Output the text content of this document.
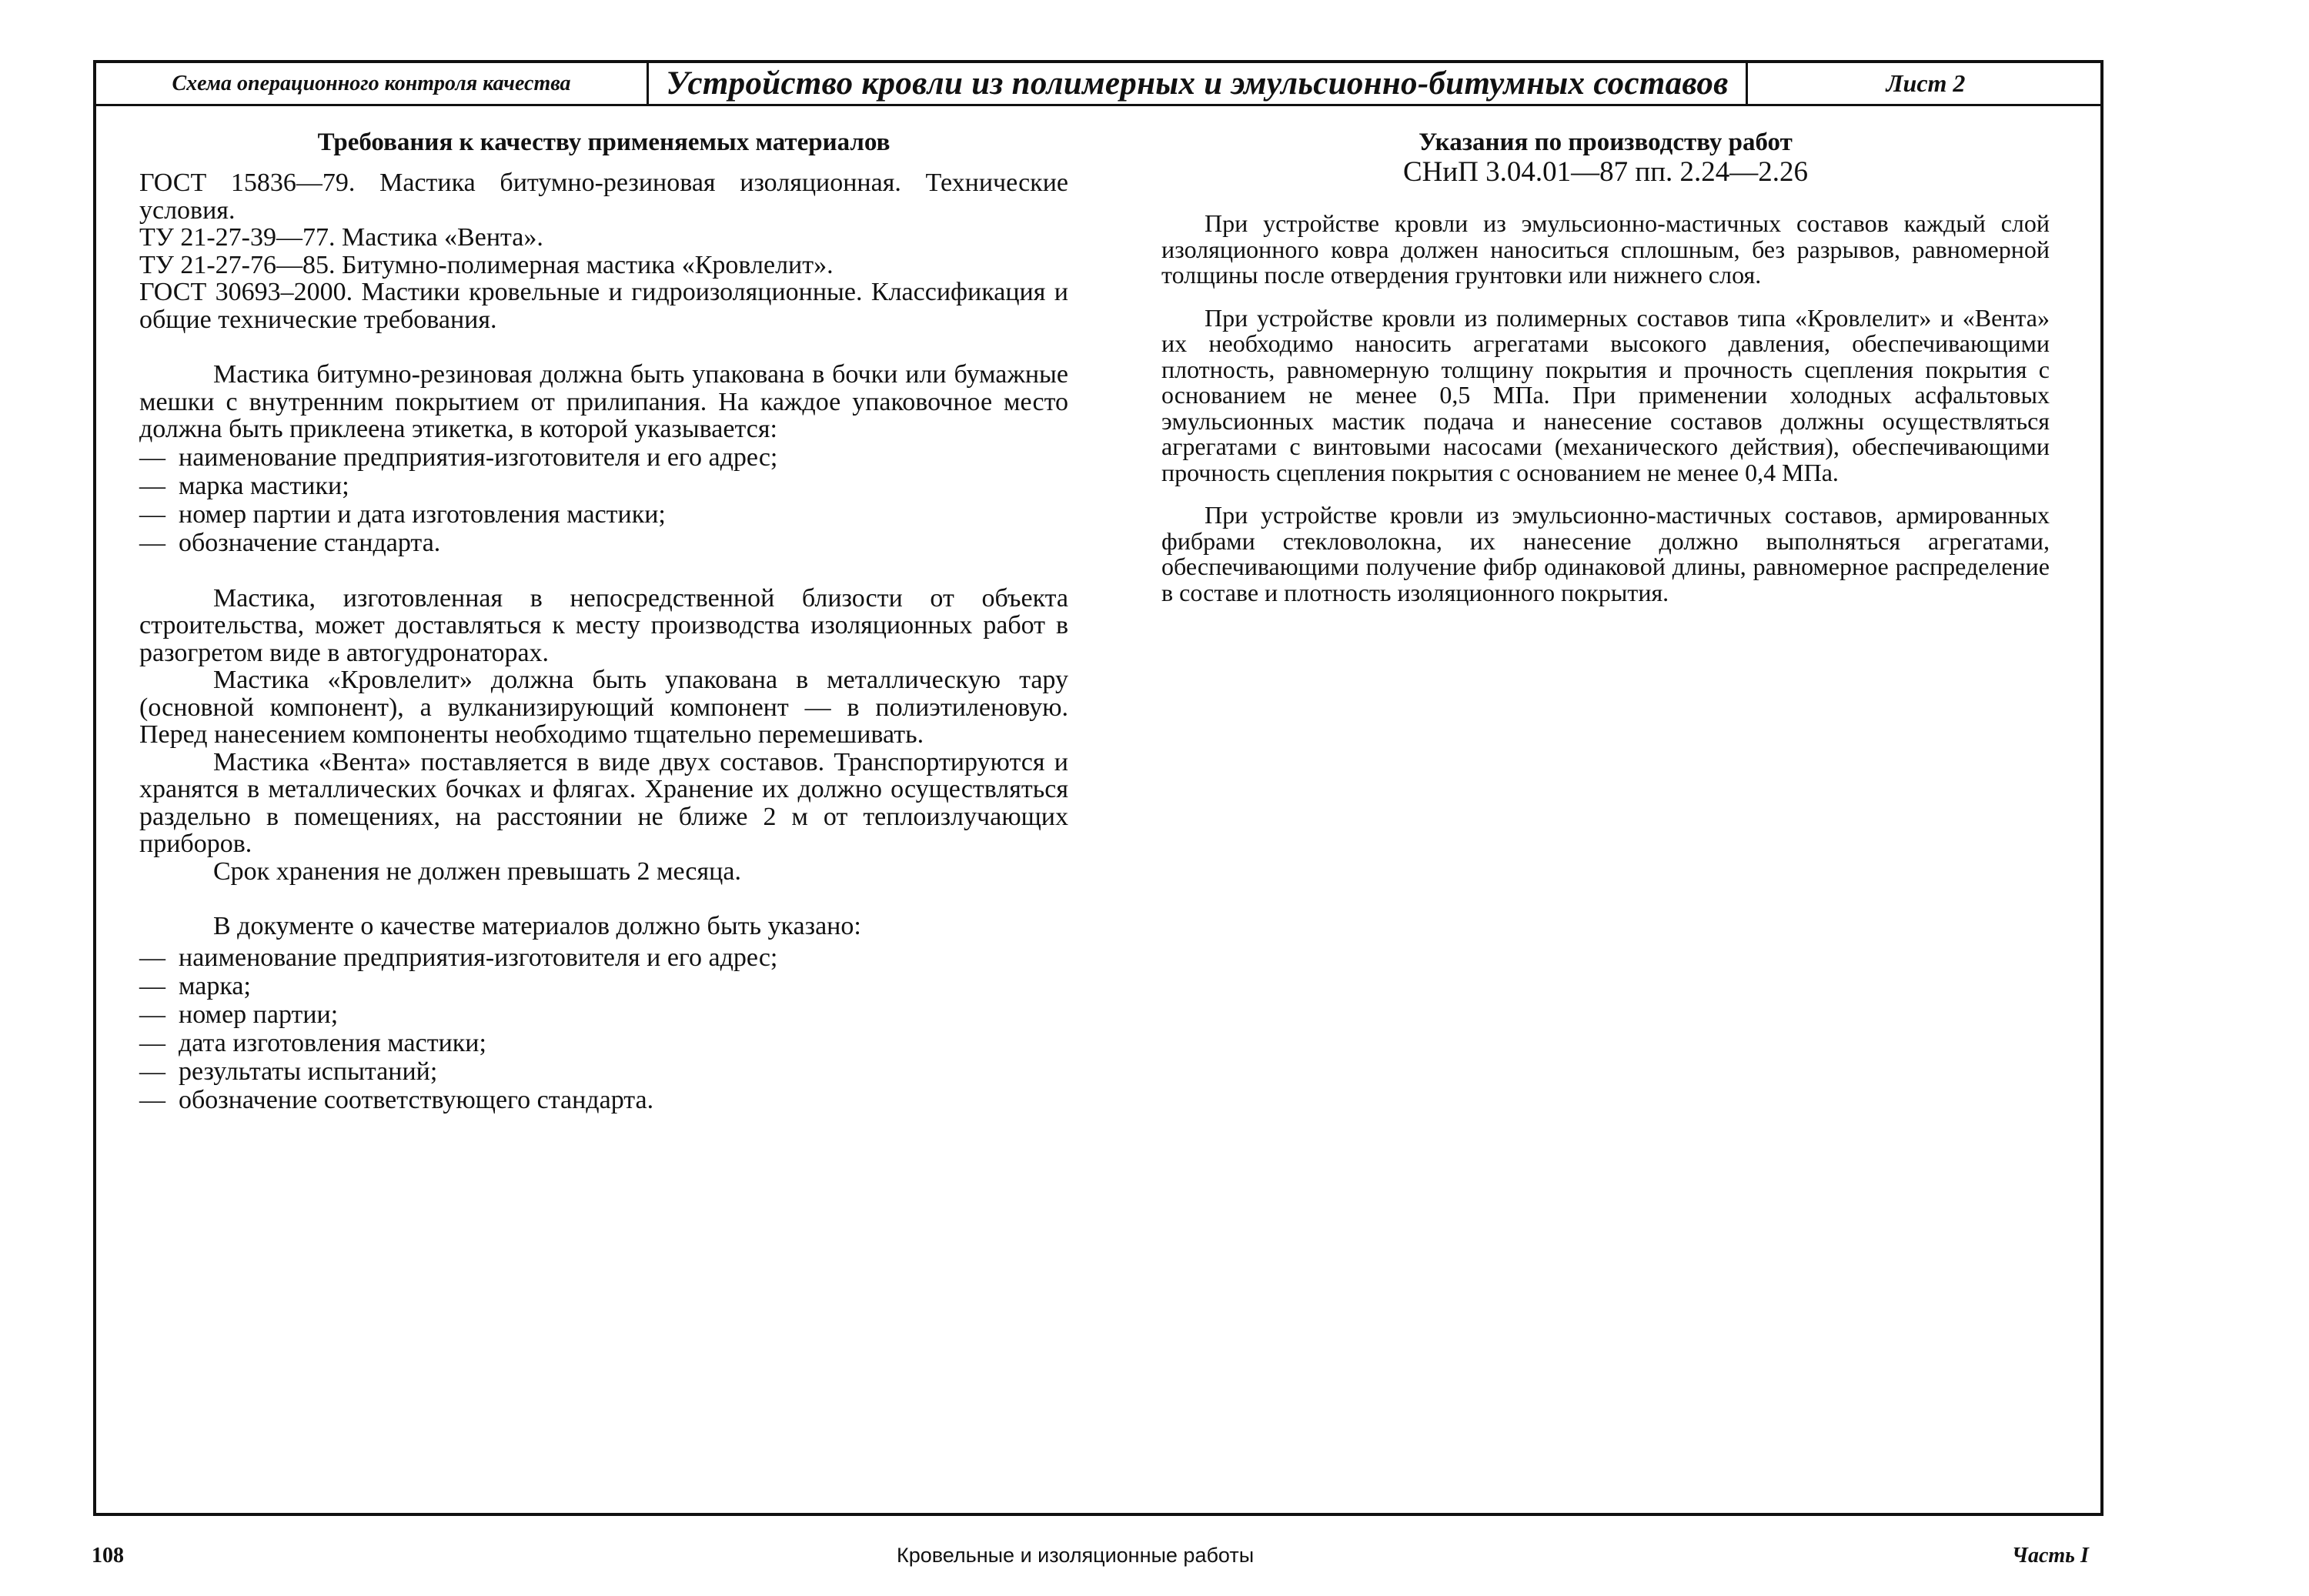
Схема операционного контроля качества	Устройство кровли из полимерных и эмульсионно-битумных составов	Лист 2
Требования к качеству применяемых материалов

ГОСТ 15836—79. Мастика битумно-резиновая изоляционная. Технические условия.

ТУ 21-27-39—77. Мастика «Вента».

ТУ 21-27-76—85. Битумно-полимерная мастика «Кровлелит».

ГОСТ 30693–2000. Мастики кровельные и гидроизоляционные. Классификация и общие технические требования.

Мастика битумно-резиновая должна быть упакована в бочки или бумажные мешки с внутренним покрытием от прилипания. На каждое упаковочное место должна быть приклеена этикетка, в которой указывается:

—  наименование предприятия-изготовителя и его адрес;
—  марка мастики;
—  номер партии и дата изготовления мастики;
—  обозначение стандарта.

Мастика, изготовленная в непосредственной близости от объекта строительства, может доставляться к месту производства изоляционных работ в разогретом виде в автогудронаторах.

Мастика «Кровлелит» должна быть упакована в металлическую тару (основной компонент), а вулканизирующий компонент — в полиэтиленовую. Перед нанесением компоненты необходимо тщательно перемешивать.

Мастика «Вента» поставляется в виде двух составов. Транспортируются и хранятся в металлических бочках и флягах. Хранение их должно осуществляться раздельно в помещениях, на расстоянии не ближе 2 м от теплоизлучающих приборов.

Срок хранения не должен превышать 2 месяца.

В документе о качестве материалов должно быть указано:

—  наименование предприятия-изготовителя и его адрес;
—  марка;
—  номер партии;
—  дата изготовления мастики;
—  результаты испытаний;
—  обозначение соответствующего стандарта.
Указания по производству работ

СНиП 3.04.01—87 пп. 2.24—2.26

При устройстве кровли из эмульсионно-мастичных составов каждый слой изоляционного ковра должен наноситься сплошным, без разрывов, равномерной толщины после отвердения грунтовки или нижнего слоя.

При устройстве кровли из полимерных составов типа «Кровлелит» и «Вента» их необходимо наносить агрегатами высокого давления, обеспечивающими плотность, равномерную толщину покрытия и прочность сцепления покрытия с основанием не менее 0,5 МПа. При применении холодных асфальтовых эмульсионных мастик подача и нанесение составов должны осуществляться агрегатами с винтовыми насосами (механического действия), обеспечивающими прочность сцепления покрытия с основанием не менее 0,4 МПа.

При устройстве кровли из эмульсионно-мастичных составов, армированных фибрами стекловолокна, их нанесение должно выполняться агрегатами, обеспечивающими получение фибр одинаковой длины, равномерное распределение в составе и плотность изоляционного покрытия.

108	Кровельные и изоляционные работы	Часть I
